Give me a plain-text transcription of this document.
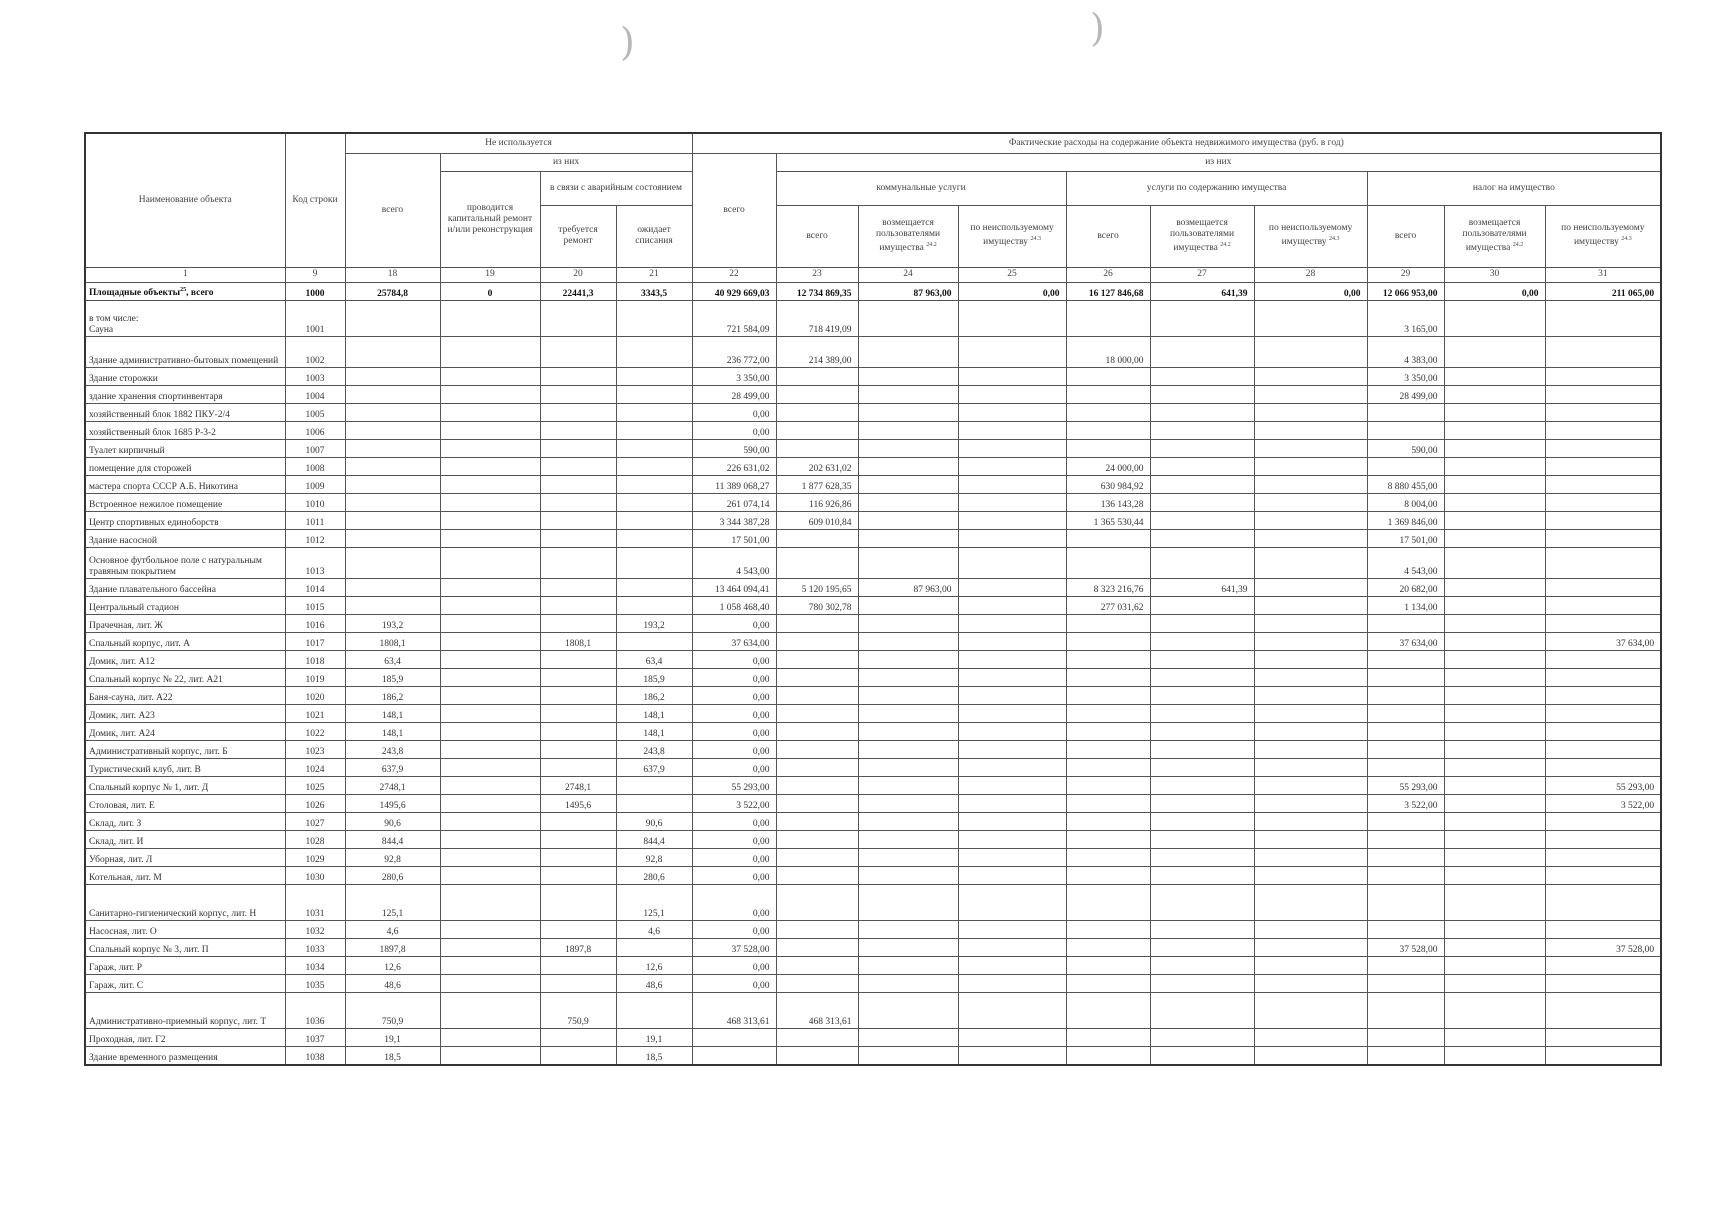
)	)
Наименование объекта	Код строки	Не используется				Фактические расходы на содержание объекта недвижимого имущества (руб. в год)									
		всего	из них			всего	из них								
			проводится капитальный ремонт и/или реконструкция	в связи с аварийным состоянием			коммунальные услуги			услуги по содержанию имущества			налог на имущество		
				требуется ремонт	ожидает списания		всего	возмещается пользователями имущества $^{24.2}$	по неиспользуемому имуществу $^{24.3}$	всего	возмещается пользователями имущества $^{24.2}$	по неиспользуемому имуществу $^{24.3}$	всего	возмещается пользователями имущества $^{24.2}$	по неиспользуемому имуществу $^{24.3}$
1	9	18	19	20	21	22	23	24	25	26	27	28	29	30	31
Площадные объекты$^{25}$, всего	1000	25784,8	0	22441,3	3343,5	40 929 669,03	12 734 869,35	87 963,00	0,00	16 127 846,68	641,39	0,00	12 066 953,00	0,00	211 065,00
в том числе:
Сауна	1001					721 584,09	718 419,09						3 165,00		
Здание административно-бытовых помещений	1002					236 772,00	214 389,00			18 000,00			4 383,00		
Здание сторожки	1003					3 350,00							3 350,00		
здание хранения спортинвентаря	1004					28 499,00							28 499,00		
хозяйственный блок 1882 ПКУ-2/4	1005					0,00									
хозяйственный блок 1685 Р-3-2	1006					0,00									
Туалет кирпичный	1007					590,00							590,00		
помещение для сторожей	1008					226 631,02	202 631,02			24 000,00					
мастера спорта СССР А.Б. Никотина	1009					11 389 068,27	1 877 628,35			630 984,92			8 880 455,00		
Встроенное нежилое помещение	1010					261 074,14	116 926,86			136 143,28			8 004,00		
Центр спортивных единоборств	1011					3 344 387,28	609 010,84			1 365 530,44			1 369 846,00		
Здание насосной	1012					17 501,00							17 501,00		
Основное футбольное поле с натуральным травяным покрытием	1013					4 543,00							4 543,00		
Здание плавательного бассейна	1014					13 464 094,41	5 120 195,65	87 963,00		8 323 216,76	641,39		20 682,00		
Центральный стадион	1015					1 058 468,40	780 302,78			277 031,62			1 134,00		
Прачечная, лит. Ж	1016	193,2			193,2	0,00									
Спальный корпус, лит. А	1017	1808,1		1808,1		37 634,00							37 634,00		37 634,00
Домик, лит. А12	1018	63,4			63,4	0,00									
Спальный корпус № 22, лит. А21	1019	185,9			185,9	0,00									
Баня-сауна, лит. А22	1020	186,2			186,2	0,00									
Домик, лит. А23	1021	148,1			148,1	0,00									
Домик, лит. А24	1022	148,1			148,1	0,00									
Административный корпус, лит. Б	1023	243,8			243,8	0,00									
Туристический клуб, лит. В	1024	637,9			637,9	0,00									
Спальный корпус № 1, лит. Д	1025	2748,1		2748,1		55 293,00							55 293,00		55 293,00
Столовая, лит. Е	1026	1495,6		1495,6		3 522,00							3 522,00		3 522,00
Склад, лит. З	1027	90,6			90,6	0,00									
Склад, лит. И	1028	844,4			844,4	0,00									
Уборная, лит. Л	1029	92,8			92,8	0,00									
Котельная, лит. М	1030	280,6			280,6	0,00									
Санитарно-гигиенический корпус, лит. Н	1031	125,1			125,1	0,00									
Насосная, лит. О	1032	4,6			4,6	0,00									
Спальный корпус № 3, лит. П	1033	1897,8		1897,8		37 528,00							37 528,00		37 528,00
Гараж, лит. Р	1034	12,6			12,6	0,00									
Гараж, лит. С	1035	48,6			48,6	0,00									
Административно-приемный корпус, лит. Т	1036	750,9		750,9		468 313,61	468 313,61								
Проходная, лит. Г2	1037	19,1			19,1										
Здание временного размещения	1038	18,5			18,5										
